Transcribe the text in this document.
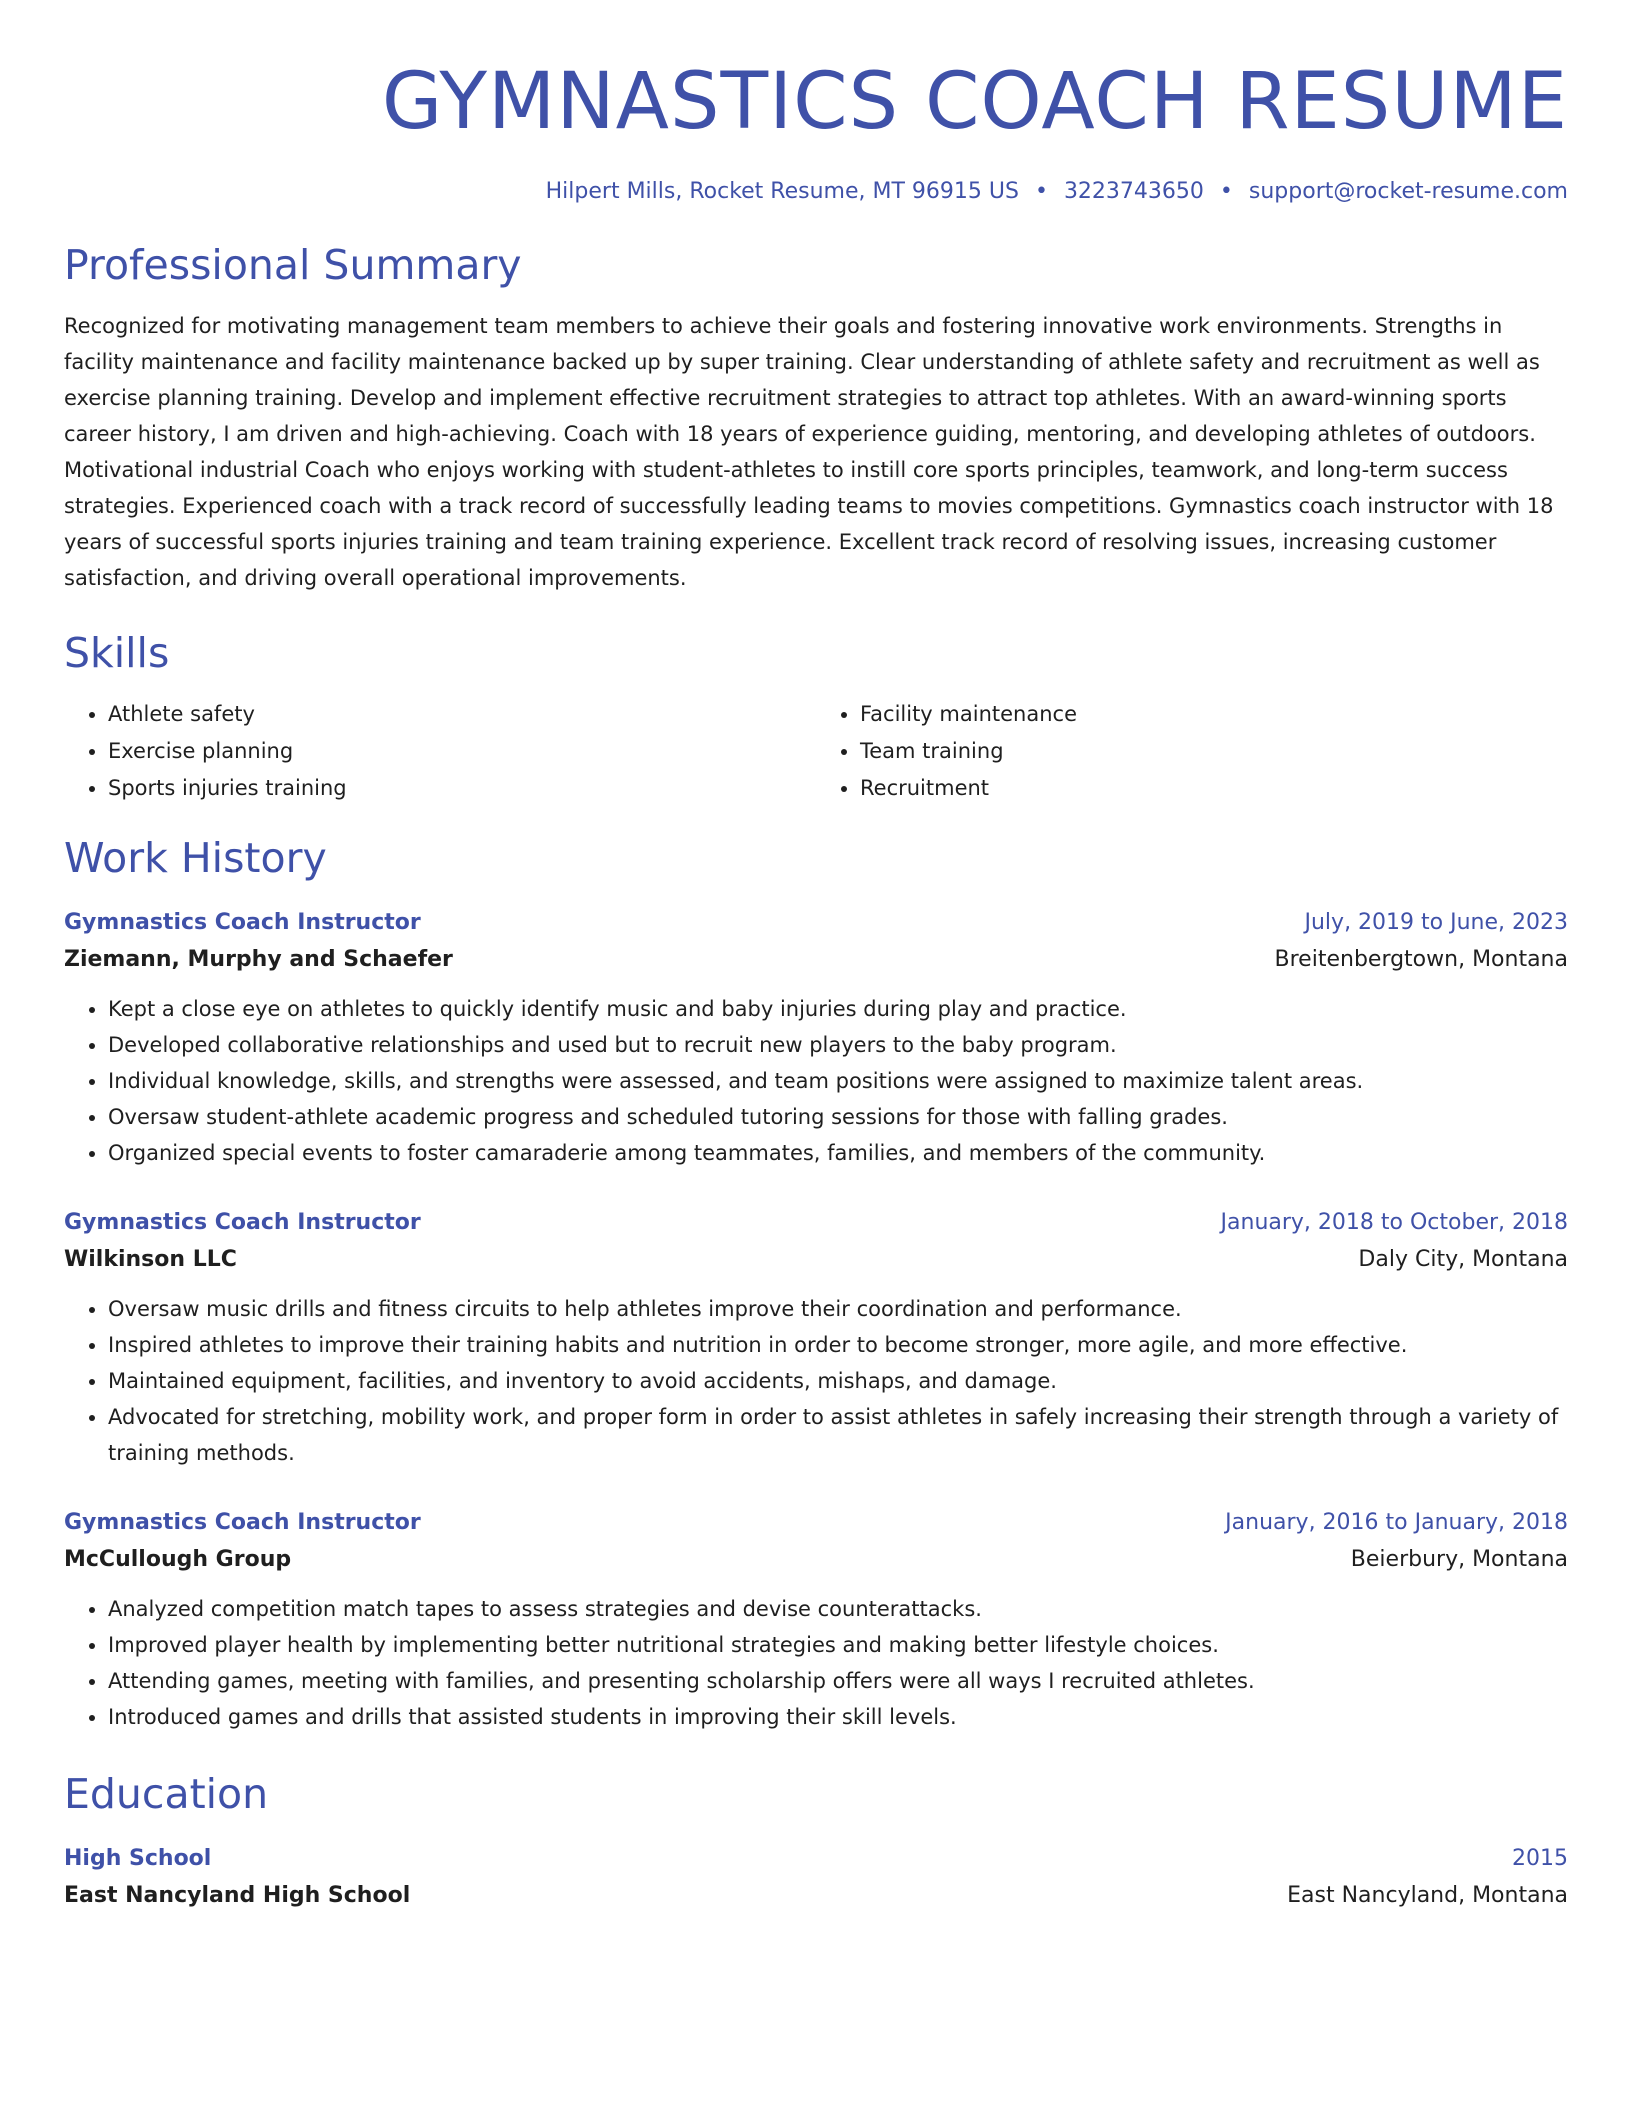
GYMNASTICS COACH RESUME
Hilpert Mills, Rocket Resume, MT 96915 US • 3223743650 • support@rocket-resume.com
Professional Summary

Recognized for motivating management team members to achieve their goals and fostering innovative work environments. Strengths in facility maintenance and facility maintenance backed up by super training. Clear understanding of athlete safety and recruitment as well as exercise planning training. Develop and implement effective recruitment strategies to attract top athletes. With an award-winning sports career history, I am driven and high-achieving. Coach with 18 years of experience guiding, mentoring, and developing athletes of outdoors. Motivational industrial Coach who enjoys working with student-athletes to instill core sports principles, teamwork, and long-term success strategies. Experienced coach with a track record of successfully leading teams to movies competitions. Gymnastics coach instructor with 18 years of successful sports injuries training and team training experience. Excellent track record of resolving issues, increasing customer satisfaction, and driving overall operational improvements.

Skills
• Athlete safety
• Exercise planning
• Sports injuries training
• Facility maintenance
• Team training
• Recruitment
Work History
Gymnastics Coach Instructor	July, 2019 to June, 2023
Ziemann, Murphy and Schaefer	Breitenbergtown, Montana
• Kept a close eye on athletes to quickly identify music and baby injuries during play and practice.
• Developed collaborative relationships and used but to recruit new players to the baby program.
• Individual knowledge, skills, and strengths were assessed, and team positions were assigned to maximize talent areas.
• Oversaw student-athlete academic progress and scheduled tutoring sessions for those with falling grades.
• Organized special events to foster camaraderie among teammates, families, and members of the community.
Gymnastics Coach Instructor	January, 2018 to October, 2018
Wilkinson LLC	Daly City, Montana
• Oversaw music drills and fitness circuits to help athletes improve their coordination and performance.
• Inspired athletes to improve their training habits and nutrition in order to become stronger, more agile, and more effective.
• Maintained equipment, facilities, and inventory to avoid accidents, mishaps, and damage.
• Advocated for stretching, mobility work, and proper form in order to assist athletes in safely increasing their strength through a variety of training methods.
Gymnastics Coach Instructor	January, 2016 to January, 2018
McCullough Group	Beierbury, Montana
• Analyzed competition match tapes to assess strategies and devise counterattacks.
• Improved player health by implementing better nutritional strategies and making better lifestyle choices.
• Attending games, meeting with families, and presenting scholarship offers were all ways I recruited athletes.
• Introduced games and drills that assisted students in improving their skill levels.
Education
High School	2015
East Nancyland High School	East Nancyland, Montana
